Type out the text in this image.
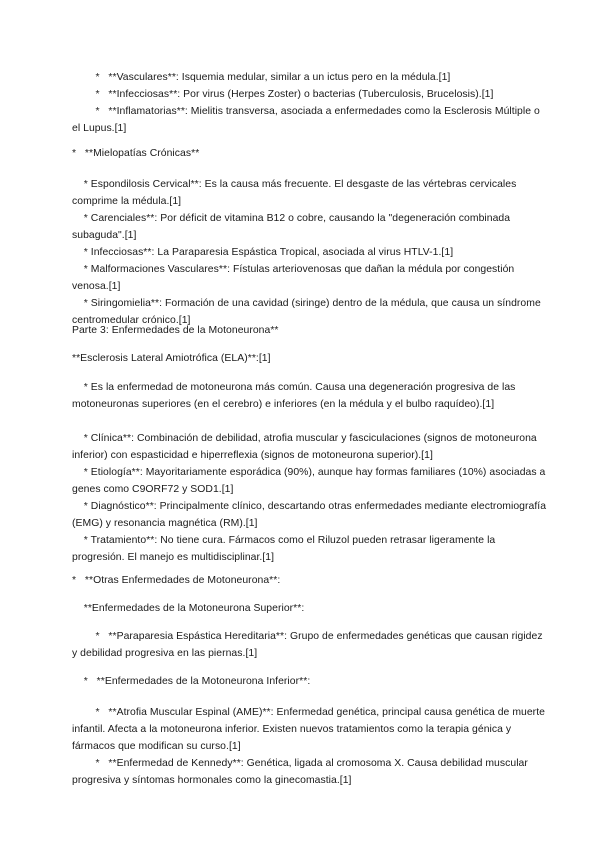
*   **Vasculares**: Isquemia medular, similar a un ictus pero en la médula.[1]
*   **Infecciosas**: Por virus (Herpes Zoster) o bacterias (Tuberculosis, Brucelosis).[1]
*   **Inflamatorias**: Mielitis transversa, asociada a enfermedades como la Esclerosis Múltiple o el Lupus.[1]
*   **Mielopatías Crónicas**
* Espondilosis Cervical**: Es la causa más frecuente. El desgaste de las vértebras cervicales comprime la médula.[1]
* Carenciales**: Por déficit de vitamina B12 o cobre, causando la "degeneración combinada subaguda".[1]
* Infecciosas**: La Paraparesia Espástica Tropical, asociada al virus HTLV-1.[1]
* Malformaciones Vasculares**: Fístulas arteriovenosas que dañan la médula por congestión venosa.[1]
* Siringomielia**: Formación de una cavidad (siringe) dentro de la médula, que causa un síndrome centromedular crónico.[1]
Parte 3: Enfermedades de la Motoneurona**
**Esclerosis Lateral Amiotrófica (ELA)**:[1]
* Es la enfermedad de motoneurona más común. Causa una degeneración progresiva de las motoneuronas superiores (en el cerebro) e inferiores (en la médula y el bulbo raquídeo).[1]
* Clínica**: Combinación de debilidad, atrofia muscular y fasciculaciones (signos de motoneurona inferior) con espasticidad e hiperreflexia (signos de motoneurona superior).[1]
* Etiología**: Mayoritariamente esporádica (90%), aunque hay formas familiares (10%) asociadas a genes como C9ORF72 y SOD1.[1]
* Diagnóstico**: Principalmente clínico, descartando otras enfermedades mediante electromiografía (EMG) y resonancia magnética (RM).[1]
* Tratamiento**: No tiene cura. Fármacos como el Riluzol pueden retrasar ligeramente la progresión. El manejo es multidisciplinar.[1]
*   **Otras Enfermedades de Motoneurona**:
**Enfermedades de la Motoneurona Superior**:
*   **Paraparesia Espástica Hereditaria**: Grupo de enfermedades genéticas que causan rigidez y debilidad progresiva en las piernas.[1]
*   **Enfermedades de la Motoneurona Inferior**:
*   **Atrofia Muscular Espinal (AME)**: Enfermedad genética, principal causa genética de muerte infantil. Afecta a la motoneurona inferior. Existen nuevos tratamientos como la terapia génica y fármacos que modifican su curso.[1]
*   **Enfermedad de Kennedy**: Genética, ligada al cromosoma X. Causa debilidad muscular progresiva y síntomas hormonales como la ginecomastia.[1]
